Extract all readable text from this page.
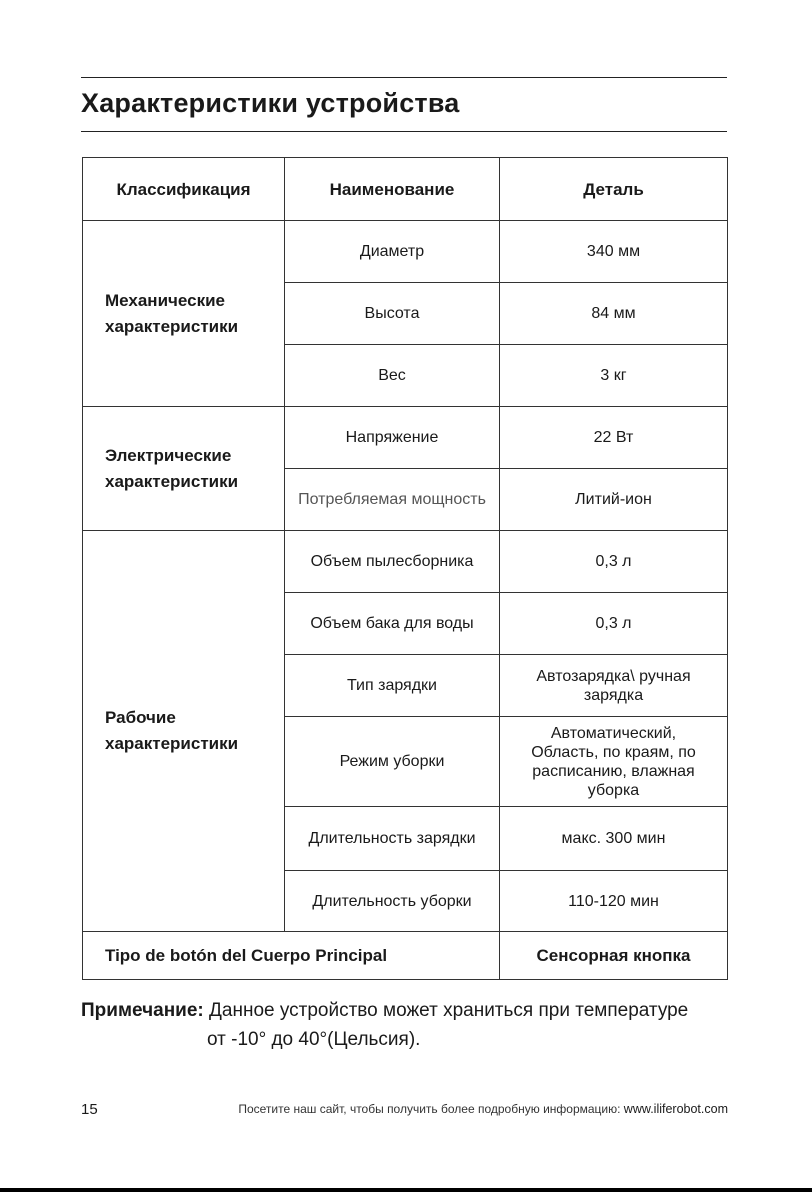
Характеристики устройства
Классификация	Наименование	Деталь
Механические характеристики	Диаметр	340 мм
	Высота	84 мм
	Вес	3 кг
Электрические характеристики	Напряжение	22 Вт
	Потребляемая мощность	Литий-ион
Рабочие характеристики	Объем пылесборника	0,3 л
	Объем бака для воды	0,3 л
	Тип зарядки	Автозарядка\ ручная зарядка
	Режим уборки	Автоматический, Область, по краям, по расписанию, влажная уборка
	Длительность зарядки	макс. 300 мин
	Длительность уборки	110-120 мин
Tipo de botón del Cuerpo Principal		Сенсорная кнопка
Примечание: Данное устройство может храниться при температуре
от -10° до 40°(Цельсия).
15	Посетите наш сайт, чтобы получить более подробную информацию: www.iliferobot.com
